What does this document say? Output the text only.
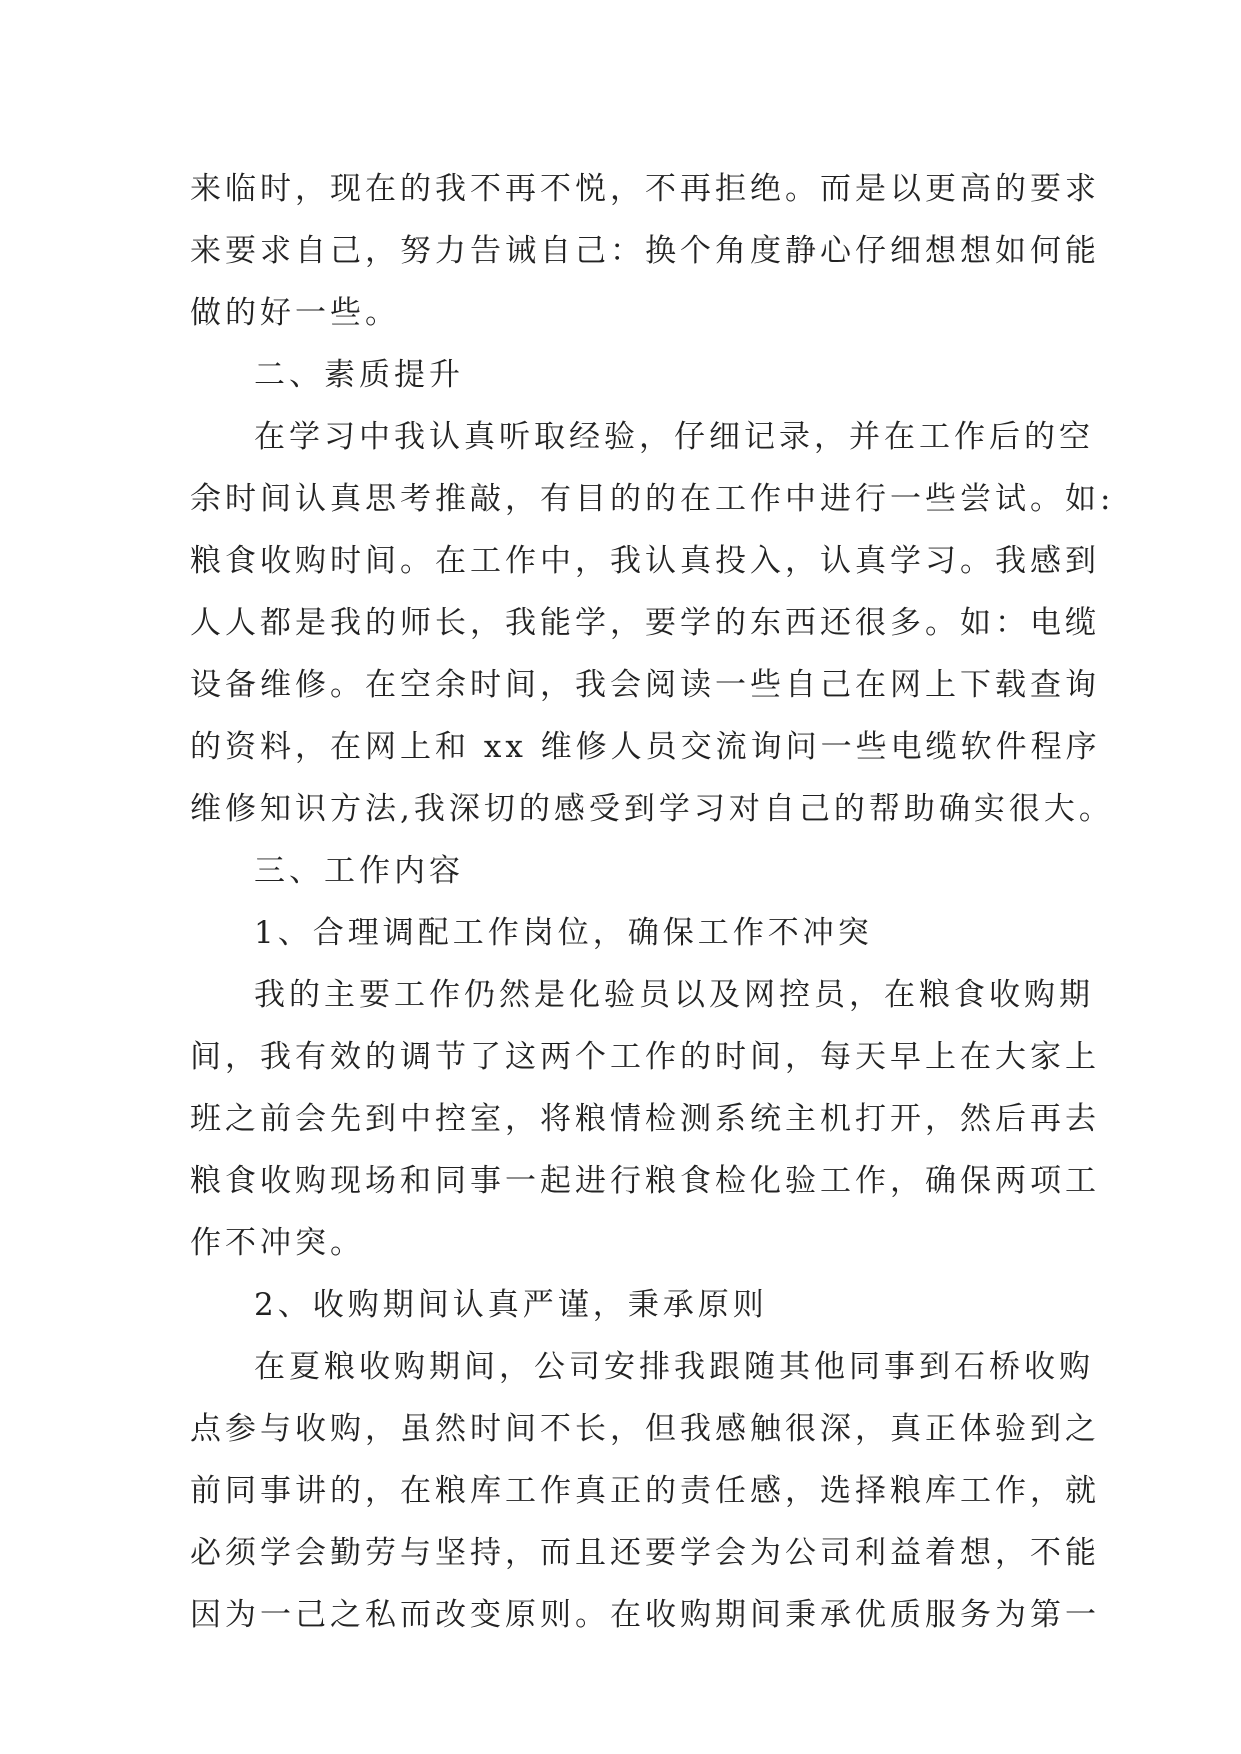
来临时，现在的我不再不悦，不再拒绝。而是以更高的要求
来要求自己，努力告诫自己：换个角度静心仔细想想如何能
做的好一些。
二、素质提升
在学习中我认真听取经验，仔细记录，并在工作后的空
余时间认真思考推敲，有目的的在工作中进行一些尝试。如:
粮食收购时间。在工作中，我认真投入，认真学习。我感到
人人都是我的师长，我能学，要学的东西还很多。如：电缆
设备维修。在空余时间，我会阅读一些自己在网上下载查询
的资料，在网上和 xx 维修人员交流询问一些电缆软件程序
维修知识方法,我深切的感受到学习对自己的帮助确实很大。
三、工作内容
1、合理调配工作岗位，确保工作不冲突
我的主要工作仍然是化验员以及网控员，在粮食收购期
间，我有效的调节了这两个工作的时间，每天早上在大家上
班之前会先到中控室，将粮情检测系统主机打开，然后再去
粮食收购现场和同事一起进行粮食检化验工作，确保两项工
作不冲突。
2、收购期间认真严谨，秉承原则
在夏粮收购期间，公司安排我跟随其他同事到石桥收购
点参与收购，虽然时间不长，但我感触很深，真正体验到之
前同事讲的，在粮库工作真正的责任感，选择粮库工作，就
必须学会勤劳与坚持，而且还要学会为公司利益着想，不能
因为一己之私而改变原则。在收购期间秉承优质服务为第一
